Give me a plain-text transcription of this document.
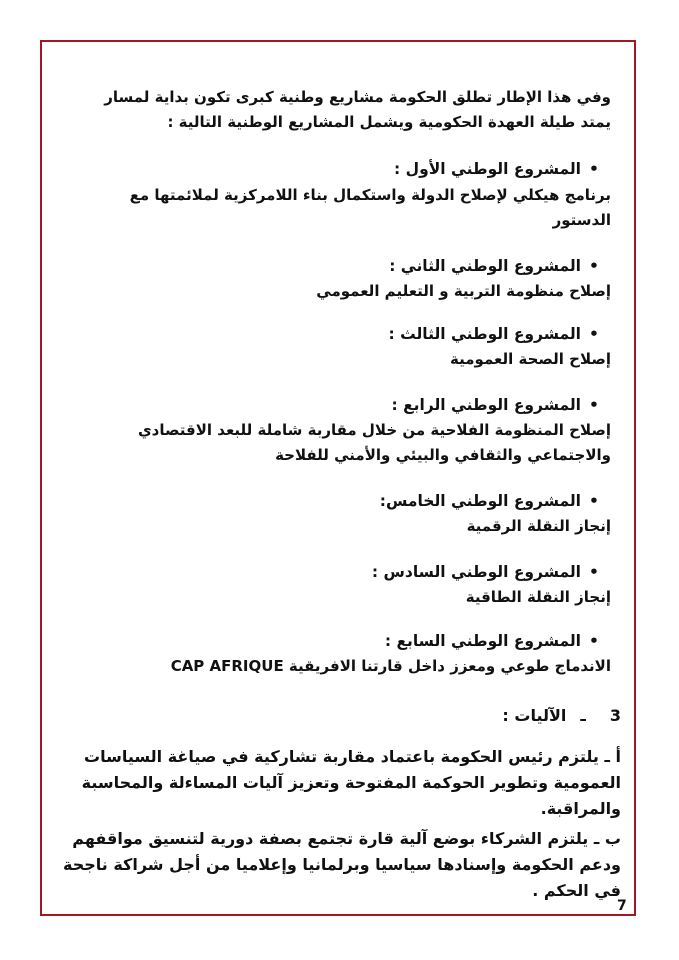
وفي هذا الإطار تطلق الحكومة مشاريع وطنية كبرى تكون بداية لمسار

يمتد طيلة العهدة الحكومية ويشمل المشاريع الوطنية التالية :

• المشروع الوطني الأول :

برنامج هيكلي لإصلاح الدولة واستكمال بناء اللامركزية لملائمتها مع

الدستور

• المشروع الوطني الثاني :

إصلاح منظومة التربية و التعليم العمومي

• المشروع الوطني الثالث :

إصلاح الصحة العمومية

• المشروع الوطني الرابع :

إصلاح المنظومة الفلاحية من خلال مقاربة شاملة للبعد الاقتصادي

والاجتماعي والثقافي والبيئي والأمني للفلاحة

• المشروع الوطني الخامس:

إنجاز النقلة الرقمية

• المشروع الوطني السادس :

إنجاز النقلة الطاقية

• المشروع الوطني السابع :

الاندماج طوعي ومعزز داخل قارتنا الافريقية CAP AFRIQUE

3ـالآليات :

أ ـ يلتزم رئيس الحكومة باعتماد مقاربة تشاركية في صياغة السياسات العمومية وتطوير الحوكمة المفتوحة وتعزيز آليات المساءلة والمحاسبة والمراقبة.

ب ـ يلتزم الشركاء بوضع آلية قارة تجتمع بصفة دورية لتنسيق مواقفهم ودعم الحكومة وإسنادها سياسيا وبرلمانيا وإعلاميا من أجل شراكة ناجحة في الحكم .

7
